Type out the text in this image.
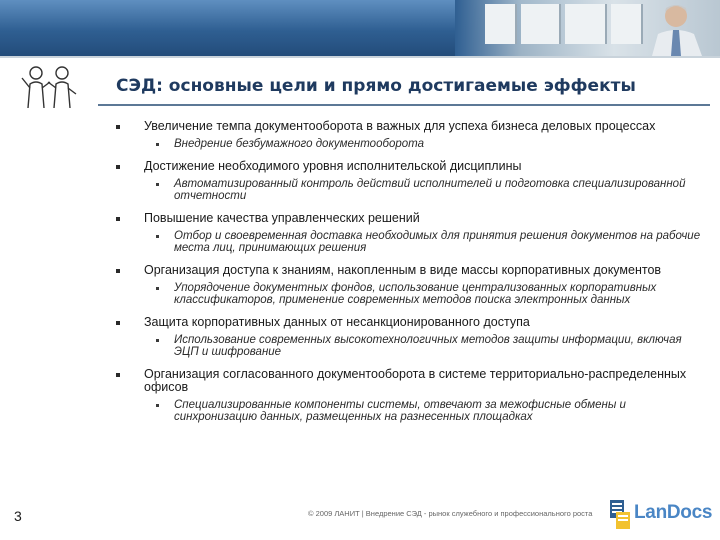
СЭД: основные цели и прямо достигаемые эффекты
Увеличение темпа документооборота в важных для успеха бизнеса деловых процессах
Внедрение безбумажного документооборота
Достижение необходимого уровня исполнительской дисциплины
Автоматизированный контроль действий исполнителей и подготовка специализированной отчетности
Повышение качества управленческих решений
Отбор и своевременная доставка необходимых для принятия решения документов на рабочие места лиц, принимающих решения
Организация доступа к знаниям, накопленным в виде массы корпоративных документов
Упорядочение документных фондов, использование централизованных корпоративных классификаторов, применение современных методов поиска электронных данных
Защита корпоративных данных от несанкционированного доступа
Использование современных высокотехнологичных методов защиты информации, включая ЭЦП и шифрование
Организация согласованного документооборота в системе территориально-распределенных офисов
Специализированные компоненты системы, отвечают за межофисные обмены и синхронизацию данных, размещенных на разнесенных площадках
3	© 2009 ЛАНИТ | Внедрение СЭД - рынок служебного и профессионального роста LanDocs
